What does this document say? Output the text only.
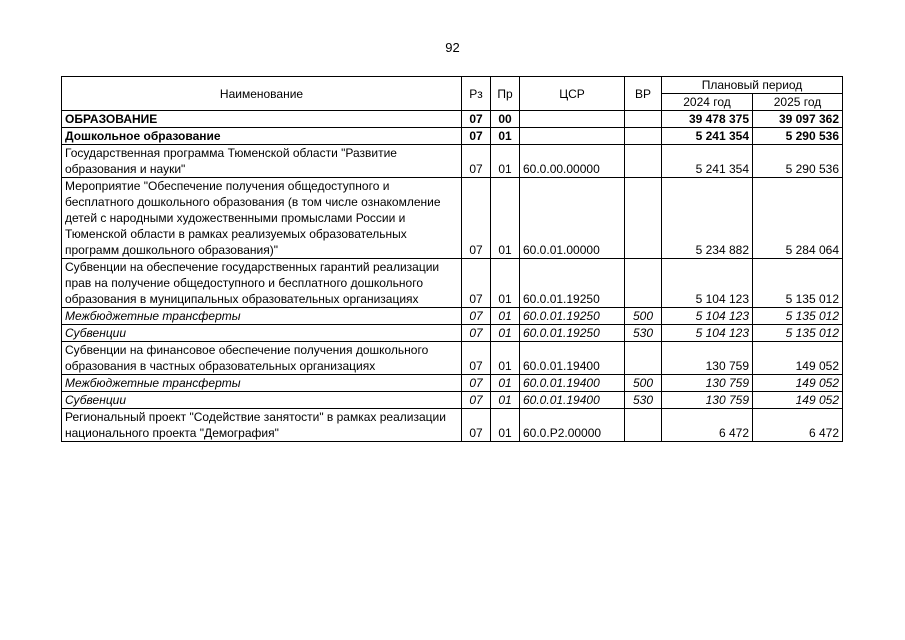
92
Наименование	Рз	Пр	ЦСР	ВР	Плановый период	
					2024 год	2025 год
ОБРАЗОВАНИЕ	07	00			39 478 375	39 097 362
Дошкольное образование	07	01			5 241 354	5 290 536
Государственная программа Тюменской области "Развитие образования и науки"	07	01	60.0.00.00000		5 241 354	5 290 536
Мероприятие "Обеспечение получения общедоступного и бесплатного дошкольного образования (в том числе ознакомление детей с народными художественными промыслами России и Тюменской области в рамках реализуемых образовательных программ дошкольного образования)"	07	01	60.0.01.00000		5 234 882	5 284 064
Субвенции на обеспечение государственных гарантий реализации прав на получение общедоступного и бесплатного дошкольного образования в муниципальных образовательных организациях	07	01	60.0.01.19250		5 104 123	5 135 012
Межбюджетные трансферты	07	01	60.0.01.19250	500	5 104 123	5 135 012
Субвенции	07	01	60.0.01.19250	530	5 104 123	5 135 012
Субвенции на финансовое обеспечение получения дошкольного образования в частных образовательных организациях	07	01	60.0.01.19400		130 759	149 052
Межбюджетные трансферты	07	01	60.0.01.19400	500	130 759	149 052
Субвенции	07	01	60.0.01.19400	530	130 759	149 052
Региональный проект "Содействие занятости" в рамках реализации национального проекта "Демография"	07	01	60.0.P2.00000		6 472	6 472
